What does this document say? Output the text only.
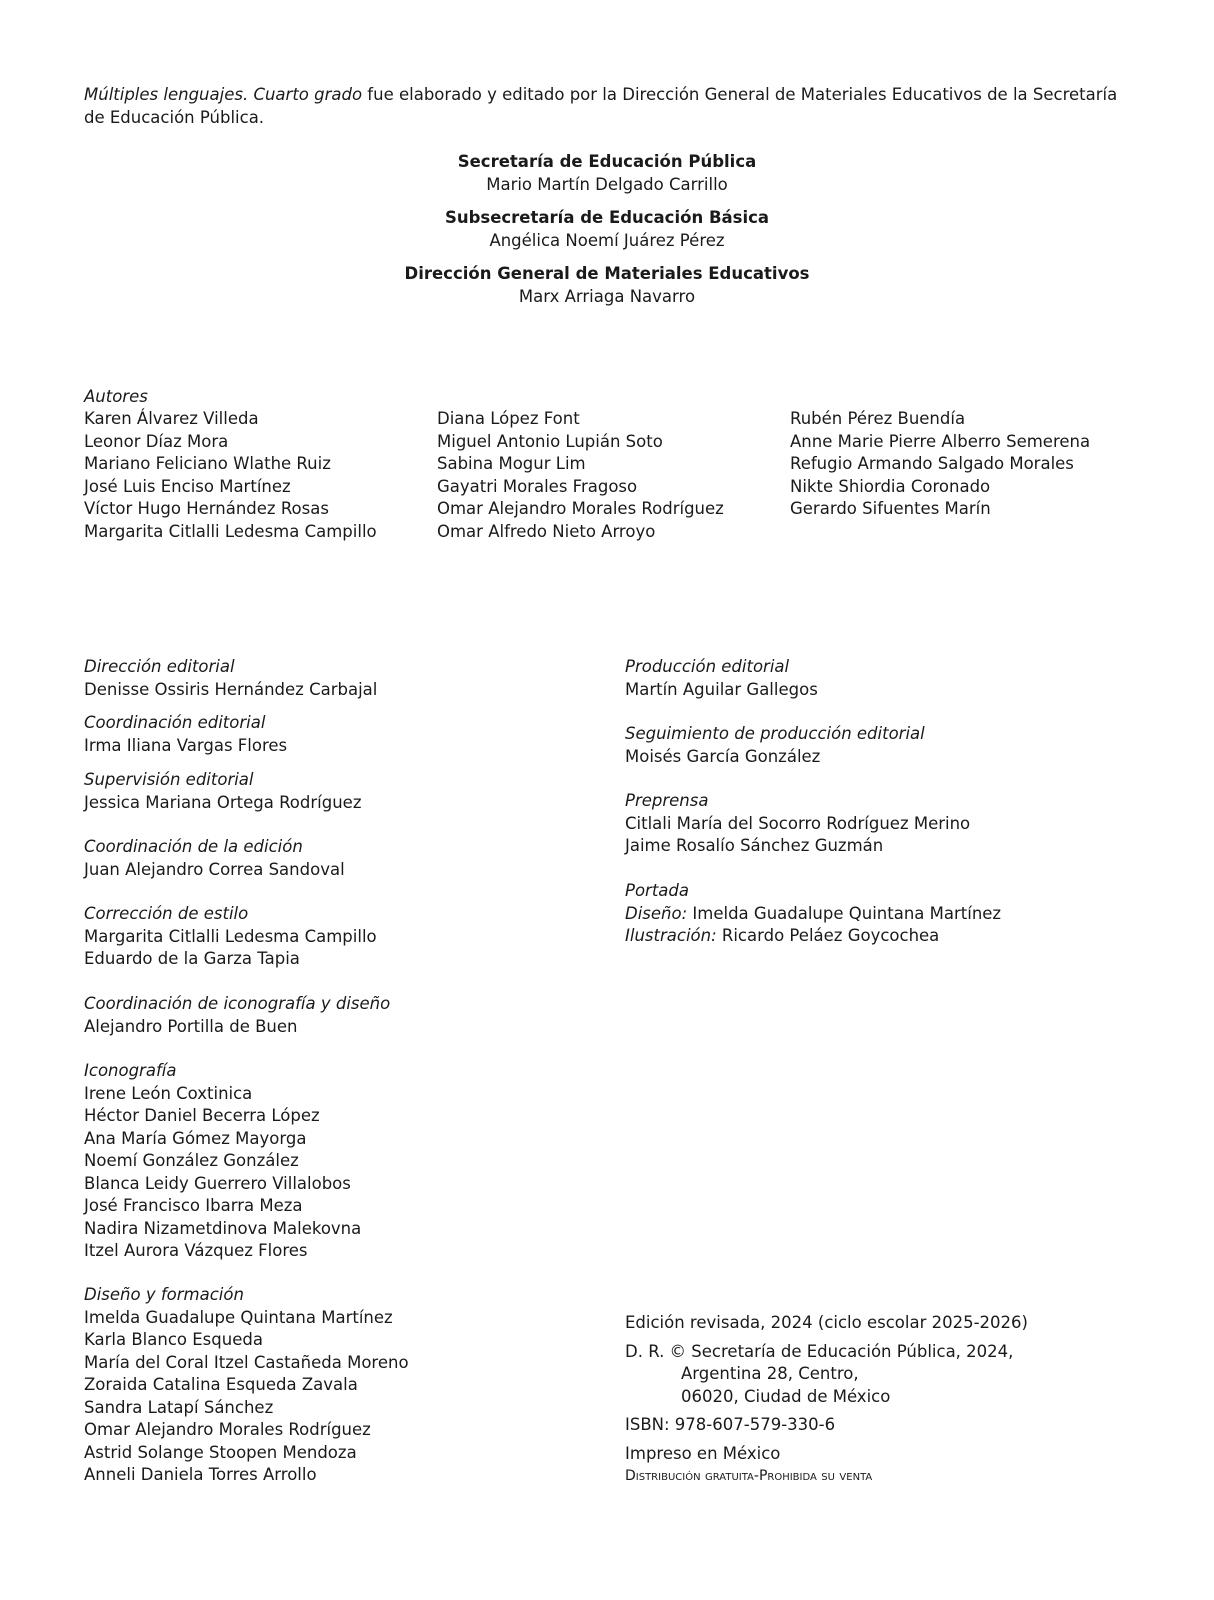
Múltiples lenguajes. Cuarto grado fue elaborado y editado por la Dirección General de Materiales Educativos de la Secretaría de Educación Pública.
Secretaría de Educación Pública
Mario Martín Delgado Carrillo
Subsecretaría de Educación Básica
Angélica Noemí Juárez Pérez
Dirección General de Materiales Educativos
Marx Arriaga Navarro
Autores
Karen Álvarez Villeda
Leonor Díaz Mora
Mariano Feliciano Wlathe Ruiz
José Luis Enciso Martínez
Víctor Hugo Hernández Rosas
Margarita Citlalli Ledesma Campillo
Diana López Font
Miguel Antonio Lupián Soto
Sabina Mogur Lim
Gayatri Morales Fragoso
Omar Alejandro Morales Rodríguez
Omar Alfredo Nieto Arroyo
Rubén Pérez Buendía
Anne Marie Pierre Alberro Semerena
Refugio Armando Salgado Morales
Nikte Shiordia Coronado
Gerardo Sifuentes Marín
Dirección editorial
Denisse Ossiris Hernández Carbajal
Coordinación editorial
Irma Iliana Vargas Flores
Supervisión editorial
Jessica Mariana Ortega Rodríguez
Coordinación de la edición
Juan Alejandro Correa Sandoval
Corrección de estilo
Margarita Citlalli Ledesma Campillo
Eduardo de la Garza Tapia
Coordinación de iconografía y diseño
Alejandro Portilla de Buen
Iconografía
Irene León Coxtinica
Héctor Daniel Becerra López
Ana María Gómez Mayorga
Noemí González González
Blanca Leidy Guerrero Villalobos
José Francisco Ibarra Meza
Nadira Nizametdinova Malekovna
Itzel Aurora Vázquez Flores
Diseño y formación
Imelda Guadalupe Quintana Martínez
Karla Blanco Esqueda
María del Coral Itzel Castañeda Moreno
Zoraida Catalina Esqueda Zavala
Sandra Latapí Sánchez
Omar Alejandro Morales Rodríguez
Astrid Solange Stoopen Mendoza
Anneli Daniela Torres Arrollo
Producción editorial
Martín Aguilar Gallegos
Seguimiento de producción editorial
Moisés García González
Preprensa
Citlali María del Socorro Rodríguez Merino
Jaime Rosalío Sánchez Guzmán
Portada
Diseño: Imelda Guadalupe Quintana Martínez
Ilustración: Ricardo Peláez Goycochea
Edición revisada, 2024 (ciclo escolar 2025-2026)
D. R. © Secretaría de Educación Pública, 2024,
Argentina 28, Centro,
06020, Ciudad de México
ISBN: 978-607-579-330-6
Impreso en México
Distribución gratuita-Prohibida su venta
